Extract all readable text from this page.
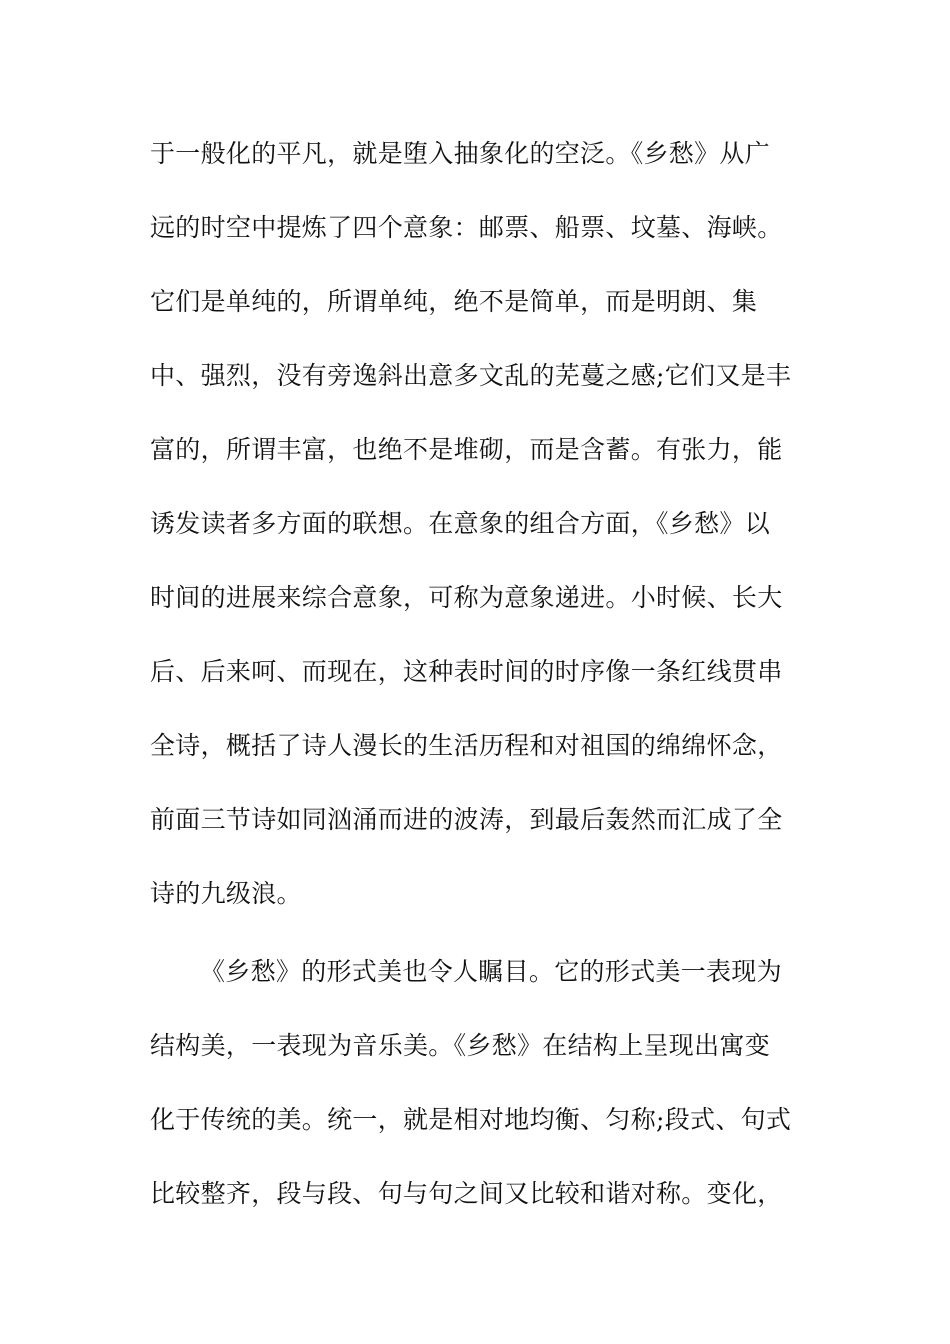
于一般化的平凡，就是堕入抽象化的空泛。《乡愁》从广
远的时空中提炼了四个意象：邮票、船票、坟墓、海峡。
它们是单纯的，所谓单纯，绝不是简单，而是明朗、集
中、强烈，没有旁逸斜出意多文乱的芜蔓之感;它们又是丰
富的，所谓丰富，也绝不是堆砌，而是含蓄。有张力，能
诱发读者多方面的联想。在意象的组合方面，《乡愁》以
时间的进展来综合意象，可称为意象递进。小时候、长大
后、后来呵、而现在，这种表时间的时序像一条红线贯串
全诗，概括了诗人漫长的生活历程和对祖国的绵绵怀念，
前面三节诗如同汹涌而进的波涛，到最后轰然而汇成了全
诗的九级浪。
《乡愁》的形式美也令人瞩目。它的形式美一表现为
结构美，一表现为音乐美。《乡愁》在结构上呈现出寓变
化于传统的美。统一，就是相对地均衡、匀称;段式、句式
比较整齐，段与段、句与句之间又比较和谐对称。变化，
